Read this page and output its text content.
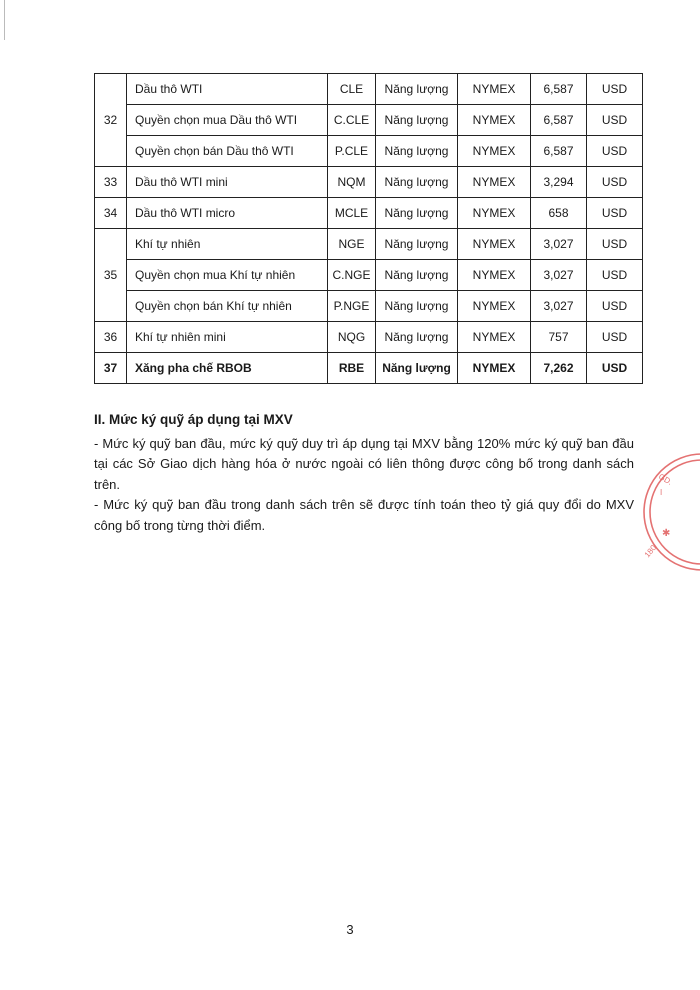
32	Dầu thô WTI	CLE	Năng lượng	NYMEX	6,587	USD
	Quyền chọn mua Dầu thô WTI	C.CLE	Năng lượng	NYMEX	6,587	USD
	Quyền chọn bán Dầu thô WTI	P.CLE	Năng lượng	NYMEX	6,587	USD
33	Dầu thô WTI mini	NQM	Năng lượng	NYMEX	3,294	USD
34	Dầu thô WTI micro	MCLE	Năng lượng	NYMEX	658	USD
35	Khí tự nhiên	NGE	Năng lượng	NYMEX	3,027	USD
	Quyền chọn mua Khí tự nhiên	C.NGE	Năng lượng	NYMEX	3,027	USD
	Quyền chọn bán Khí tự nhiên	P.NGE	Năng lượng	NYMEX	3,027	USD
36	Khí tự nhiên mini	NQG	Năng lượng	NYMEX	757	USD
37	Xăng pha chế RBOB	RBE	Năng lượng	NYMEX	7,262	USD
II. Mức ký quỹ áp dụng tại MXV

- Mức ký quỹ ban đầu, mức ký quỹ duy trì áp dụng tại MXV bằng 120% mức ký quỹ ban đầu tại các Sở Giao dịch hàng hóa ở nước ngoài có liên thông được công bố trong danh sách trên.

- Mức ký quỹ ban đầu trong danh sách trên sẽ được tính toán theo tỷ giá quy đổi do MXV công bố trong từng thời điểm.

GD.
I
✱
180
3
